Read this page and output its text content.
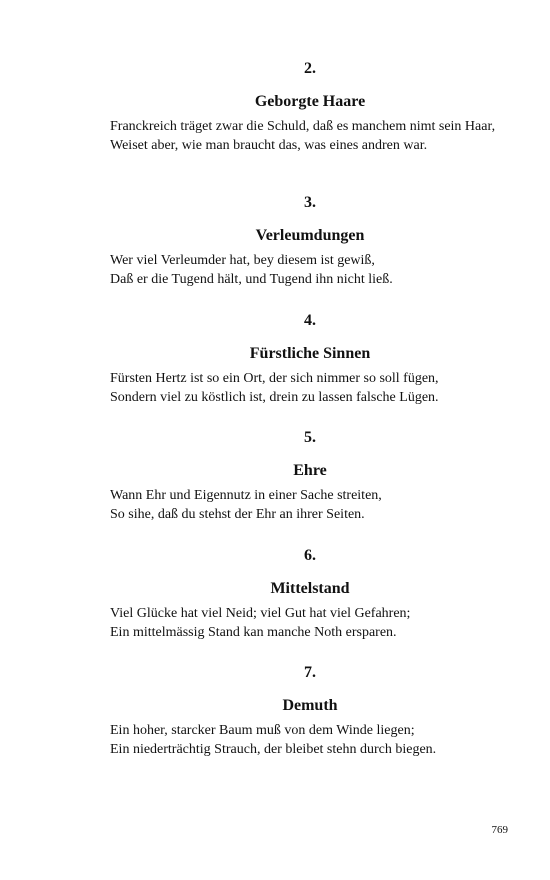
2.
Geborgte Haare
Franckreich träget zwar die Schuld, daß es manchem nimt sein Haar,
Weiset aber, wie man braucht das, was eines andren war.
3.
Verleumdungen
Wer viel Verleumder hat, bey diesem ist gewiß,
Daß er die Tugend hält, und Tugend ihn nicht ließ.
4.
Fürstliche Sinnen
Fürsten Hertz ist so ein Ort, der sich nimmer so soll fügen,
Sondern viel zu köstlich ist, drein zu lassen falsche Lügen.
5.
Ehre
Wann Ehr und Eigennutz in einer Sache streiten,
So sihe, daß du stehst der Ehr an ihrer Seiten.
6.
Mittelstand
Viel Glücke hat viel Neid; viel Gut hat viel Gefahren;
Ein mittelmässig Stand kan manche Noth ersparen.
7.
Demuth
Ein hoher, starcker Baum muß von dem Winde liegen;
Ein niederträchtig Strauch, der bleibet stehn durch biegen.
769
